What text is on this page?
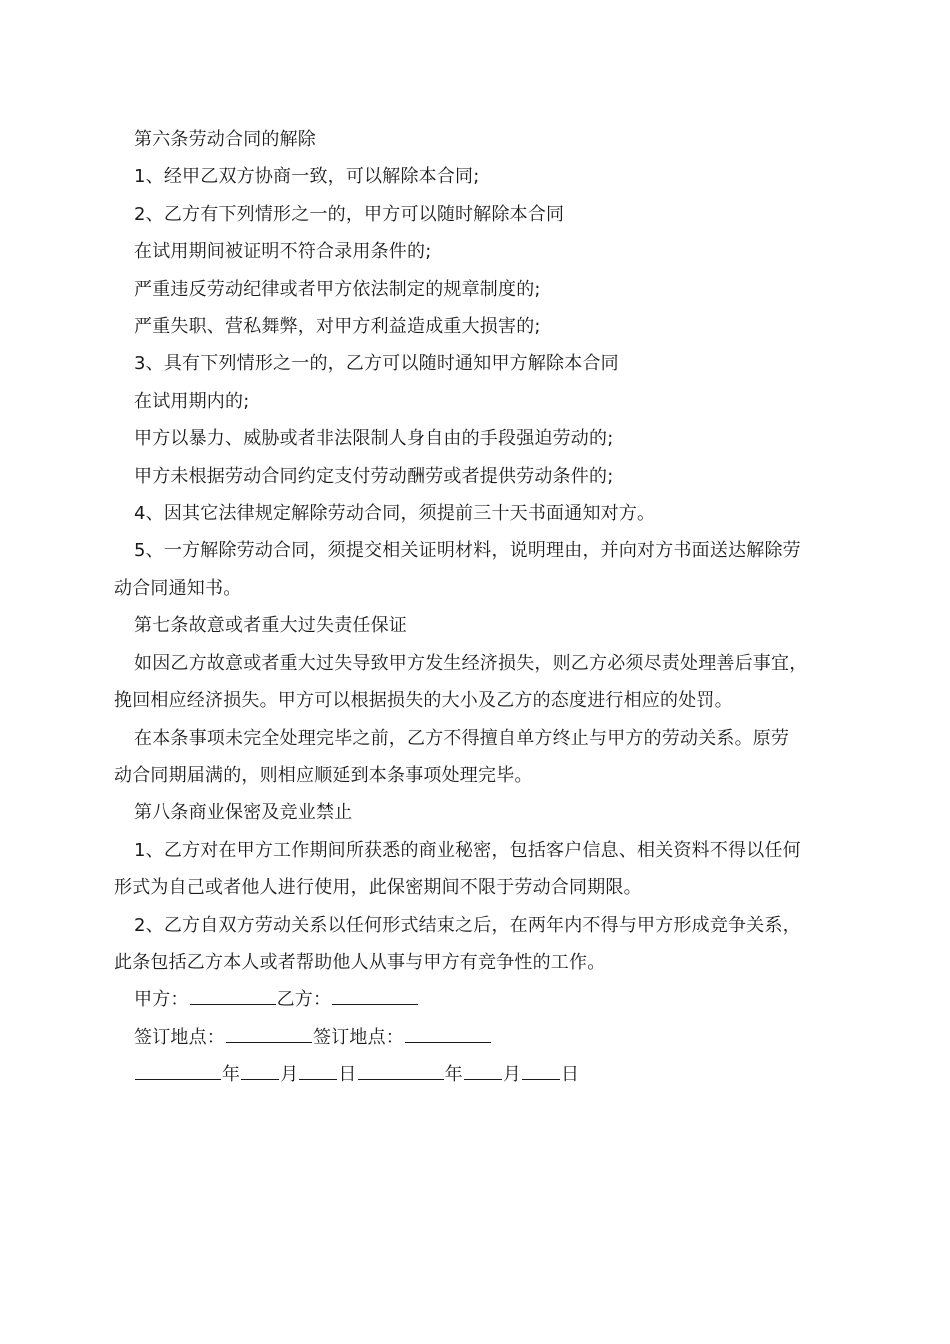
第六条劳动合同的解除

1、经甲乙双方协商一致，可以解除本合同;

2、乙方有下列情形之一的，甲方可以随时解除本合同

在试用期间被证明不符合录用条件的;

严重违反劳动纪律或者甲方依法制定的规章制度的;

严重失职、营私舞弊，对甲方利益造成重大损害的;

3、具有下列情形之一的，乙方可以随时通知甲方解除本合同

在试用期内的;

甲方以暴力、威胁或者非法限制人身自由的手段强迫劳动的;

甲方未根据劳动合同约定支付劳动酬劳或者提供劳动条件的;

4、因其它法律规定解除劳动合同，须提前三十天书面通知对方。

5、一方解除劳动合同，须提交相关证明材料，说明理由，并向对方书面送达解除劳

动合同通知书。

第七条故意或者重大过失责任保证

如因乙方故意或者重大过失导致甲方发生经济损失，则乙方必须尽责处理善后事宜，

挽回相应经济损失。甲方可以根据损失的大小及乙方的态度进行相应的处罚。

在本条事项未完全处理完毕之前，乙方不得擅自单方终止与甲方的劳动关系。原劳

动合同期届满的，则相应顺延到本条事项处理完毕。

第八条商业保密及竞业禁止

1、乙方对在甲方工作期间所获悉的商业秘密，包括客户信息、相关资料不得以任何

形式为自己或者他人进行使用，此保密期间不限于劳动合同期限。

2、乙方自双方劳动关系以任何形式结束之后，在两年内不得与甲方形成竞争关系，

此条包括乙方本人或者帮助他人从事与甲方有竞争性的工作。

甲方：	乙方：

签订地点：	签订地点：

年 月 日	年 月 日
